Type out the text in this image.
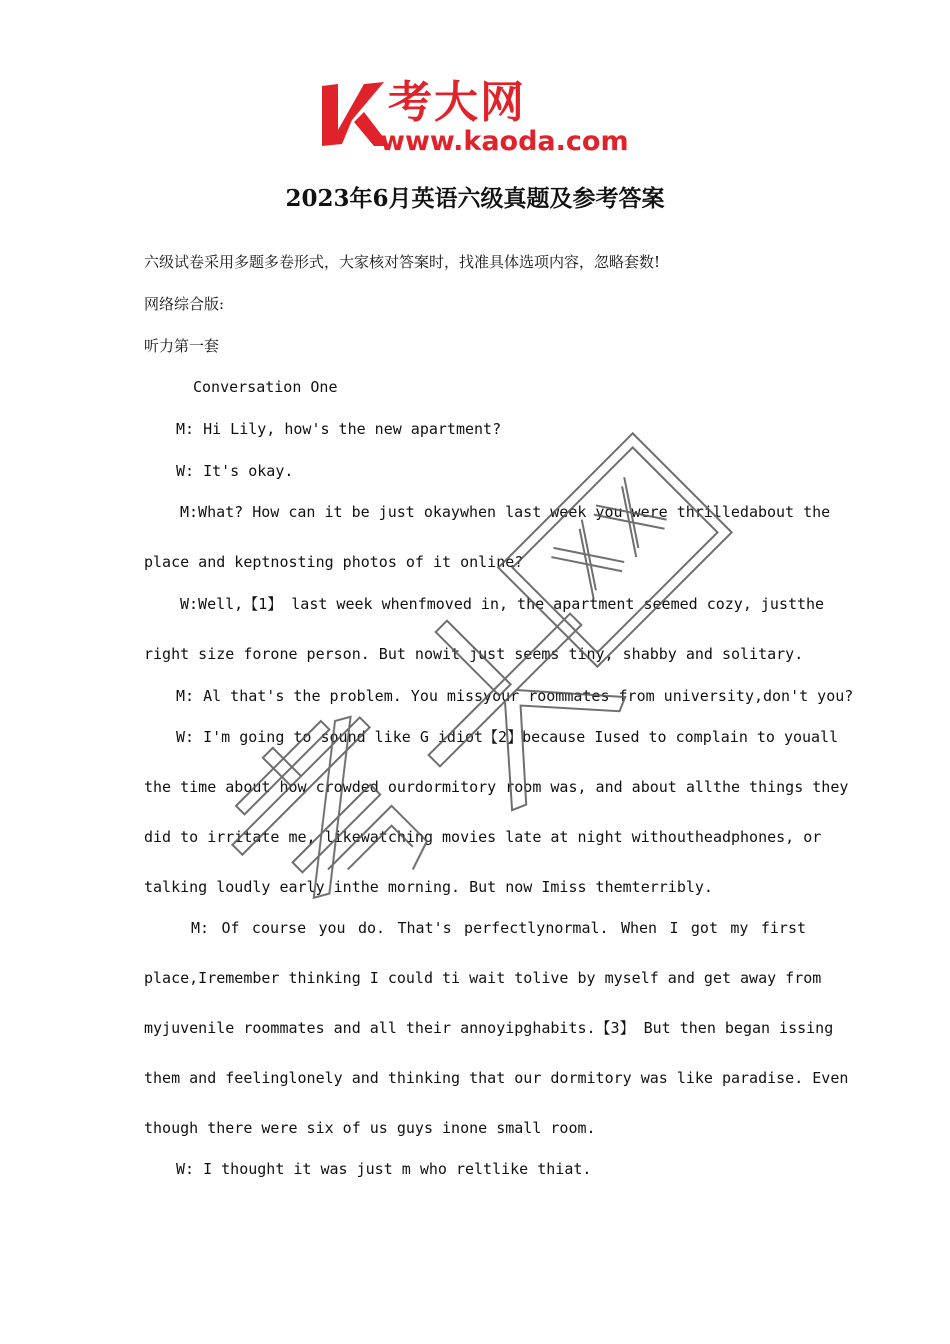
考大网
www.kaoda.com
2023年6月英语六级真题及参考答案
六级试卷采用多题多卷形式，大家核对答案时，找准具体选项内容，忽略套数!
网络综合版:
听力第一套
Conversation One
M: Hi Lily, how's the new apartment?
W: It's okay.
M:What? How can it be just okaywhen last week you were thrilledabout the
place and keptnosting photos of it online?
W:Well,【1】 last week whenfmoved in, the apartment seemed cozy, justthe
right size forone person. But nowit just seems tiny, shabby and solitary.
M: Al that's the problem. You missyour roommates from university,don't you?
W: I'm going to sound like G idiot【2】because Iused to complain to youall
the time about how crowded ourdormitory room was, and about allthe things they
did to irritate me, likewatching movies late at night withoutheadphones, or
talking loudly early inthe morning. But now Imiss themterribly.
M: Of course you do. That's perfectlynormal. When I got my first
place,Iremember thinking I could ti wait tolive by myself and get away from
myjuvenile roommates and all their annoyipghabits.【3】 But then began issing
them and feelinglonely and thinking that our dormitory was like paradise. Even
though there were six of us guys inone small room.
W: I thought it was just m who reltlike thiat.
